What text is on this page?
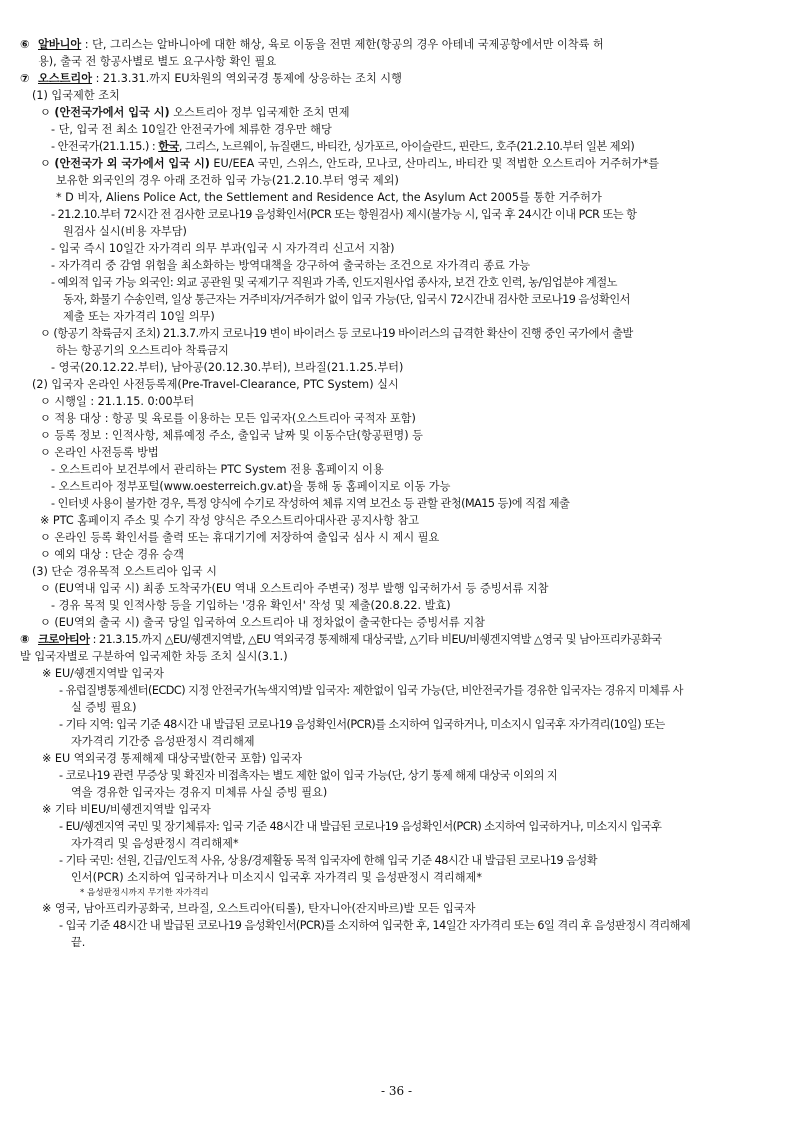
⑥ 알바니아 : 단, 그리스는 알바니아에 대한 해상, 육로 이동을 전면 제한(항공의 경우 아테네 국제공항에서만 이착륙 허
용), 출국 전 항공사별로 별도 요구사항 확인 필요
⑦ 오스트리아 : 21.3.31.까지 EU차원의 역외국경 통제에 상응하는 조치 시행
(1) 입국제한 조치
ㅇ (안전국가에서 입국 시) 오스트리아 정부 입국제한 조치 면제
- 단, 입국 전 최소 10일간 안전국가에 체류한 경우만 해당
- 안전국가(21.1.15.) : 한국, 그리스, 노르웨이, 뉴질랜드, 바티칸, 싱가포르, 아이슬란드, 핀란드, 호주(21.2.10.부터 일본 제외)
ㅇ (안전국가 외 국가에서 입국 시) EU/EEA 국민, 스위스, 안도라, 모나코, 산마리노, 바티칸 및 적법한 오스트리아 거주허가*를
보유한 외국인의 경우 아래 조건하 입국 가능(21.2.10.부터 영국 제외)
* D 비자, Aliens Police Act, the Settlement and Residence Act, the Asylum Act 2005를 통한 거주허가
- 21.2.10.부터 72시간 전 검사한 코로나19 음성확인서(PCR 또는 항원검사) 제시(불가능 시, 입국 후 24시간 이내 PCR 또는 항
원검사 실시(비용 자부담)
- 입국 즉시 10일간 자가격리 의무 부과(입국 시 자가격리 신고서 지참)
- 자가격리 중 감염 위험을 최소화하는 방역대책을 강구하여 출국하는 조건으로 자가격리 종료 가능
- 예외적 입국 가능 외국인: 외교 공관원 및 국제기구 직원과 가족, 인도지원사업 종사자, 보건 간호 인력, 농/임업분야 계절노
동자, 화물기 수송인력, 일상 통근자는 거주비자/거주허가 없이 입국 가능(단, 입국시 72시간내 검사한 코로나19 음성확인서
제출 또는 자가격리 10일 의무)
ㅇ (항공기 착륙금지 조치) 21.3.7.까지 코로나19 변이 바이러스 등 코로나19 바이러스의 급격한 확산이 진행 중인 국가에서 출발
하는 항공기의 오스트리아 착륙금지
- 영국(20.12.22.부터), 남아공(20.12.30.부터), 브라질(21.1.25.부터)
(2) 입국자 온라인 사전등록제(Pre-Travel-Clearance, PTC System) 실시
ㅇ 시행일 : 21.1.15. 0:00부터
ㅇ 적용 대상 : 항공 및 육로를 이용하는 모든 입국자(오스트리아 국적자 포함)
ㅇ 등록 정보 : 인적사항, 체류예정 주소, 출입국 날짜 및 이동수단(항공편명) 등
ㅇ 온라인 사전등록 방법
- 오스트리아 보건부에서 관리하는 PTC System 전용 홈페이지 이용
- 오스트리아 정부포털(www.oesterreich.gv.at)을 통해 동 홈페이지로 이동 가능
- 인터넷 사용이 불가한 경우, 특정 양식에 수기로 작성하여 체류 지역 보건소 등 관할 관청(MA15 등)에 직접 제출
※ PTC 홈페이지 주소 및 수기 작성 양식은 주오스트리아대사관 공지사항 참고
ㅇ 온라인 등록 확인서를 출력 또는 휴대기기에 저장하여 출입국 심사 시 제시 필요
ㅇ 예외 대상 : 단순 경유 승객
(3) 단순 경유목적 오스트리아 입국 시
ㅇ (EU역내 입국 시) 최종 도착국가(EU 역내 오스트리아 주변국) 정부 발행 입국허가서 등 증빙서류 지참
- 경유 목적 및 인적사항 등을 기입하는 '경유 확인서' 작성 및 제출(20.8.22. 발효)
ㅇ (EU역외 출국 시) 출국 당일 입국하여 오스트리아 내 정차없이 출국한다는 증빙서류 지참
⑧ 크로아티아 : 21.3.15.까지 △EU/쉥겐지역발, △EU 역외국경 통제해제 대상국발, △기타 비EU/비쉥겐지역발 △영국 및 남아프리카공화국
발 입국자별로 구분하여 입국제한 차등 조치 실시(3.1.)
※ EU/쉥겐지역발 입국자
- 유럽질병통제센터(ECDC) 지정 안전국가(녹색지역)발 입국자: 제한없이 입국 가능(단, 비안전국가를 경유한 입국자는 경유지 미체류 사
실 증빙 필요)
- 기타 지역: 입국 기준 48시간 내 발급된 코로나19 음성확인서(PCR)를 소지하여 입국하거나, 미소지시 입국후 자가격리(10일) 또는
자가격리 기간중 음성판정시 격리해제
※ EU 역외국경 통제해제 대상국발(한국 포함) 입국자
- 코로나19 관련 무증상 및 확진자 비접촉자는 별도 제한 없이 입국 가능(단, 상기 통제 해제 대상국 이외의 지
역을 경유한 입국자는 경유지 미체류 사실 증빙 필요)
※ 기타 비EU/비쉥겐지역발 입국자
- EU/쉥겐지역 국민 및 장기체류자: 입국 기준 48시간 내 발급된 코로나19 음성확인서(PCR) 소지하여 입국하거나, 미소지시 입국후
자가격리 및 음성판정시 격리해제*
- 기타 국민: 선원, 긴급/인도적 사유, 상용/경제활동 목적 입국자에 한해 입국 기준 48시간 내 발급된 코로나19 음성확
인서(PCR) 소지하여 입국하거나 미소지시 입국후 자가격리 및 음성판정시 격리해제*
* 음성판정시까지 무기한 자가격리
※ 영국, 남아프리카공화국, 브라질, 오스트리아(티롤), 탄자니아(잔지바르)발 모든 입국자
- 입국 기준 48시간 내 발급된 코로나19 음성확인서(PCR)를 소지하여 입국한 후, 14일간 자가격리 또는 6일 격리 후 음성판정시 격리해제
끝.
- 36 -
